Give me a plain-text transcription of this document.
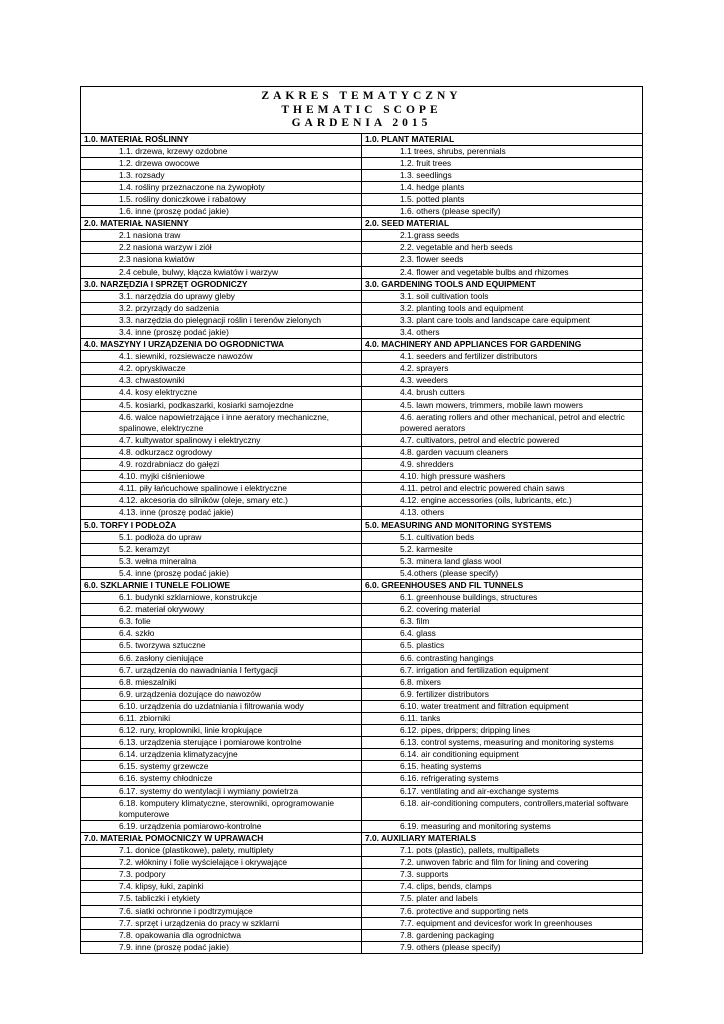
ZAKRES TEMATYCZNY
THEMATIC SCOPE
GARDENIA 2015
1.0. MATERIAŁ ROŚLINNY	1.0. PLANT MATERIAL
1.1. drzewa, krzewy ozdobne	1.1 trees, shrubs, perennials
1.2. drzewa owocowe	1.2. fruit trees
1.3. rozsady	1.3. seedlings
1.4. rośliny przeznaczone na żywopłoty	1.4. hedge plants
1.5. rośliny doniczkowe i rabatowy	1.5. potted plants
1.6. inne (proszę podać jakie)	1.6. others (please specify)
2.0. MATERIAŁ NASIENNY	2.0. SEED MATERIAL
2.1 nasiona traw	2.1.grass seeds
2.2 nasiona warzyw i ziół	2.2. vegetable and herb seeds
2.3 nasiona kwiatów	2.3. flower seeds
2.4 cebule, bulwy, kłącza kwiatów i warzyw	2.4. flower and vegetable bulbs and rhizomes
3.0. NARZĘDZIA I SPRZĘT OGRODNICZY	3.0. GARDENING TOOLS AND EQUIPMENT
3.1. narzędzia do uprawy gleby	3.1. soil cultivation tools
3.2. przyrządy do sadzenia	3.2. planting tools and equipment
3.3. narzędzia do pielęgnacji roślin i terenów zielonych	3.3. plant care tools and landscape care equipment
3.4. inne (proszę podać jakie)	3.4. others
4.0. MASZYNY I URZĄDZENIA DO OGRODNICTWA	4.0. MACHINERY AND APPLIANCES FOR GARDENING
4.1. siewniki, rozsiewacze nawozów	4.1. seeders and fertilizer distributors
4.2. opryskiwacze	4.2. sprayers
4.3. chwastowniki	4.3. weeders
4.4. kosy elektryczne	4.4. brush cutters
4.5. kosiarki, podkaszarki, kosiarki samojezdne	4.5. lawn mowers, trimmers, mobile lawn mowers
4.6. walce napowietrzające i inne aeratory mechaniczne, spalinowe, elektryczne	4.6. aerating rollers and other mechanical, petrol and electric powered aerators
4.7. kultywator spalinowy i elektryczny	4.7. cultivators, petrol and electric powered
4.8. odkurzacz ogrodowy	4.8. garden vacuum cleaners
4.9. rozdrabniacz do gałęzi	4.9. shredders
4.10. myjki ciśnieniowe	4.10. high pressure washers
4.11. piły łańcuchowe spalinowe i elektryczne	4.11. petrol and electric powered chain saws
4.12. akcesoria do silników (oleje, smary etc.)	4.12. engine accessories (oils, lubricants, etc.)
4.13. inne (proszę podać jakie)	4.13. others
5.0. TORFY I PODŁOŻA	5.0. MEASURING AND MONITORING SYSTEMS
5.1. podłoża do upraw	5.1. cultivation beds
5.2. keramzyt	5.2. karmesite
5.3. wełna mineralna	5.3. minera land glass wool
5.4. inne (proszę podać jakie)	5.4.others (please specify)
6.0. SZKLARNIE I TUNELE FOLIOWE	6.0. GREENHOUSES AND FIL TUNNELS
6.1. budynki szklarniowe, konstrukcje	6.1. greenhouse buildings, structures
6.2. materiał okrywowy	6.2. covering material
6.3. folie	6.3. film
6.4. szkło	6.4. glass
6.5. tworzywa sztuczne	6.5. plastics
6.6. zasłony cieniujące	6.6. contrasting hangings
6.7. urządzenia do nawadniania I fertygacji	6.7. irrigation and fertilization equipment
6.8. mieszalniki	6.8. mixers
6.9. urządzenia dozujące do nawozów	6.9. fertilizer distributors
6.10. urządzenia do uzdatniania i filtrowania wody	6.10. water treatment and filtration equipment
6.11. zbiorniki	6.11. tanks
6.12. rury, kroplowniki, linie kropkujące	6.12. pipes, drippers; dripping lines
6.13. urządzenia sterujące i pomiarowe kontrolne	6.13. control systems, measuring and monitoring systems
6.14. urządzenia klimatyzacyjne	6.14. air conditioning equipment
6.15. systemy grzewcze	6.15. heating systems
6.16. systemy chłodnicze	6.16. refrigerating systems
6.17. systemy do wentylacji i wymiany powietrza	6.17. ventilating and air-exchange systems
6.18. komputery klimatyczne, sterowniki, oprogramowanie komputerowe	6.18. air-conditioning computers, controllers,material software
6.19. urządzenia pomiarowo-kontrolne	6.19. measuring and monitoring systems
7.0. MATERIAŁ POMOCNICZY W UPRAWACH	7.0. AUXILIARY MATERIALS
7.1. donice (plastikowe), palety, multiplety	7.1. pots (plastic), pallets, multipallets
7.2. włókniny i folie wyścielające i okrywające	7.2. unwoven fabric and film for lining and covering
7.3. podpory	7.3. supports
7.4. klipsy, łuki, zapinki	7.4. clips, bends, clamps
7.5. tabliczki i etykiety	7.5. plater and labels
7.6. siatki ochronne i podtrzymujące	7.6. protective and supporting nets
7.7. sprzęt i urządzenia do pracy w szklarni	7.7. equipment and devicesfor work In greenhouses
7.8. opakowania dla ogrodnictwa	7.8. gardening packaging
7.9. inne (proszę podać jakie)	7.9. others (please specify)
